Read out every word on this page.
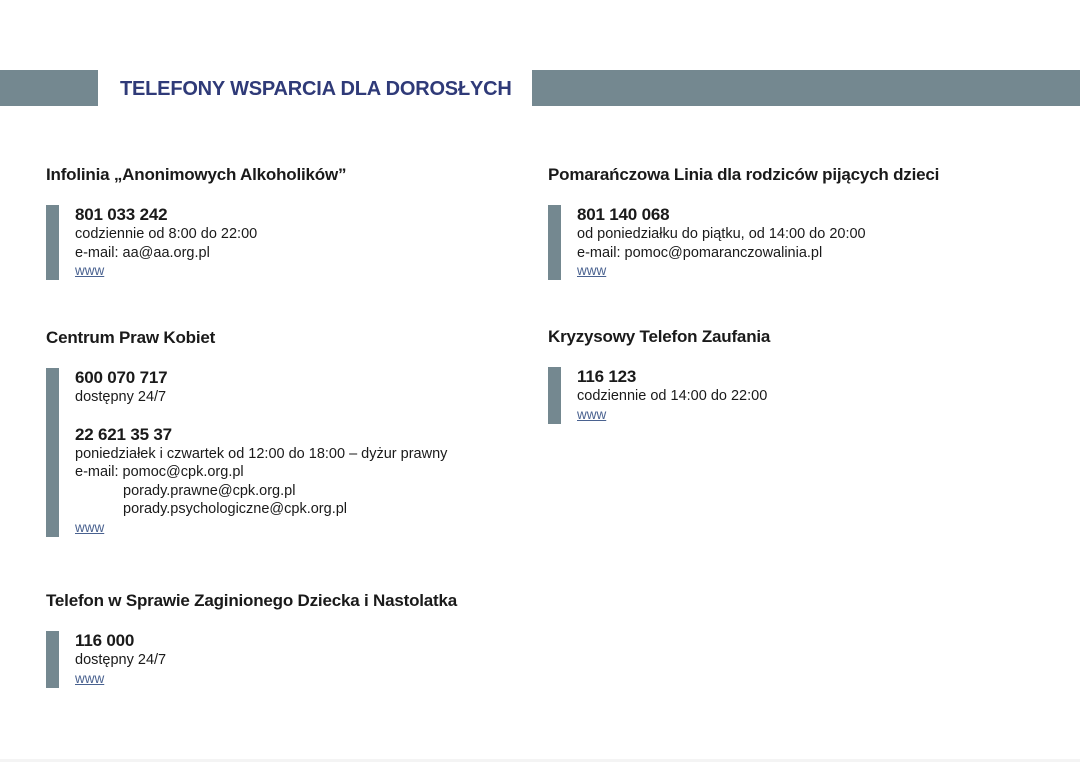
TELEFONY WSPARCIA DLA DOROSŁYCH
Infolinia „Anonimowych Alkoholików”
801 033 242
codziennie od 8:00 do 22:00
e-mail: aa@aa.org.pl
www
Pomarańczowa Linia dla rodziców pijących dzieci
801 140 068
od poniedziałku do piątku, od 14:00 do 20:00
e-mail: pomoc@pomaranczowalinia.pl
www
Centrum Praw Kobiet
600 070 717
dostępny 24/7
22 621 35 37
poniedziałek i czwartek od 12:00 do 18:00 – dyżur prawny
e-mail: pomoc@cpk.org.pl
porady.prawne@cpk.org.pl
porady.psychologiczne@cpk.org.pl
www
Kryzysowy Telefon Zaufania
116 123
codziennie od 14:00 do 22:00
www
Telefon w Sprawie Zaginionego Dziecka i Nastolatka
116 000
dostępny 24/7
www
